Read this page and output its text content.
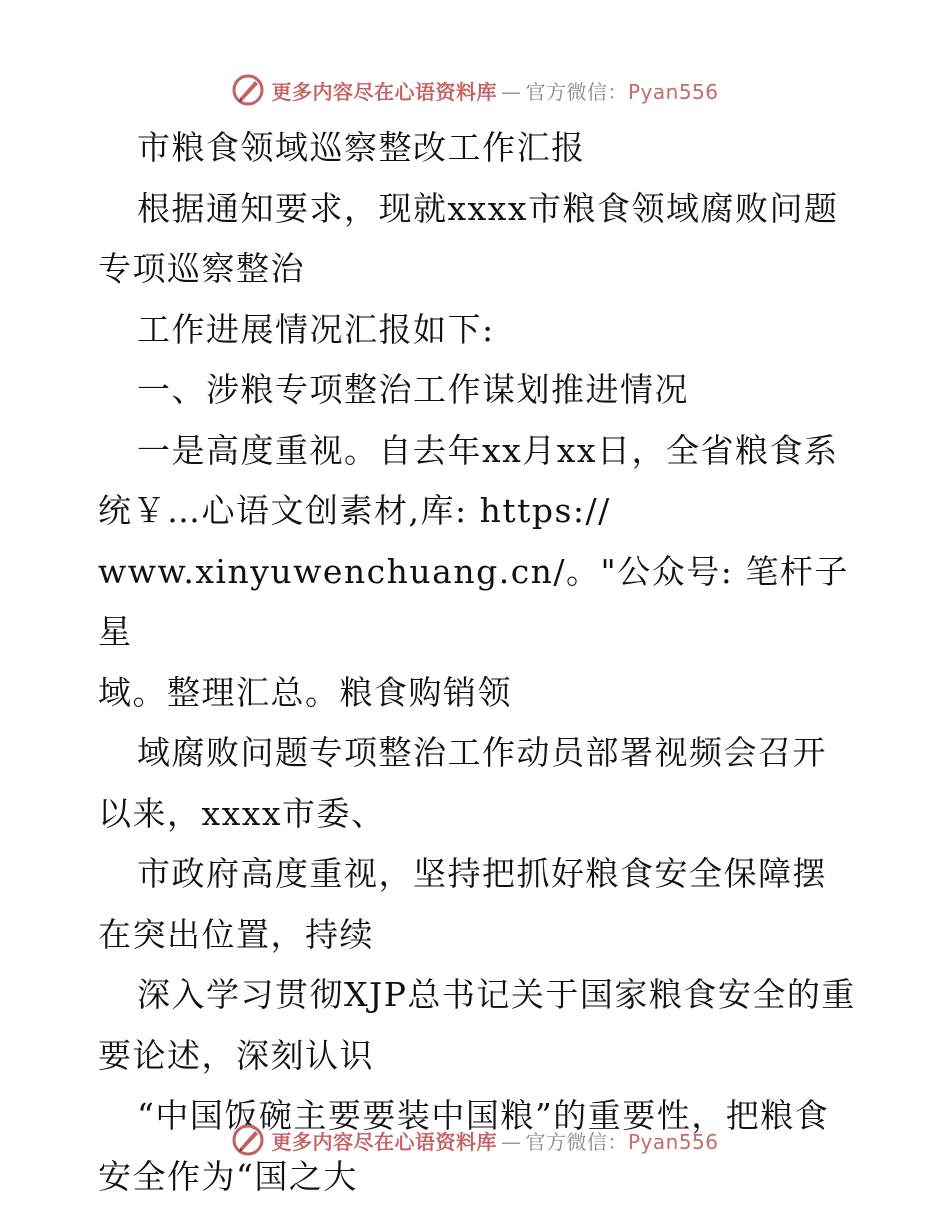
更多内容尽在心语资料库 — 官方微信：Pyan556

市粮食领域巡察整改工作汇报

根据通知要求，现就xxxx市粮食领域腐败问题专项巡察整治

工作进展情况汇报如下:

一、涉粮专项整治工作谋划推进情况

一是高度重视。自去年xx月xx日，全省粮食系统￥…心语文创素材,库: https://

www.xinyuwenchuang.cn/。"公众号: 笔杆子星

域。整理汇总。粮食购销领

域腐败问题专项整治工作动员部署视频会召开以来，xxxx市委、

市政府高度重视，坚持把抓好粮食安全保障摆在突出位置，持续

深入学习贯彻XJP总书记关于国家粮食安全的重要论述，深刻认识

“中国饭碗主要要装中国粮”的重要性，把粮食安全作为“国之大

更多内容尽在心语资料库 — 官方微信：Pyan556
